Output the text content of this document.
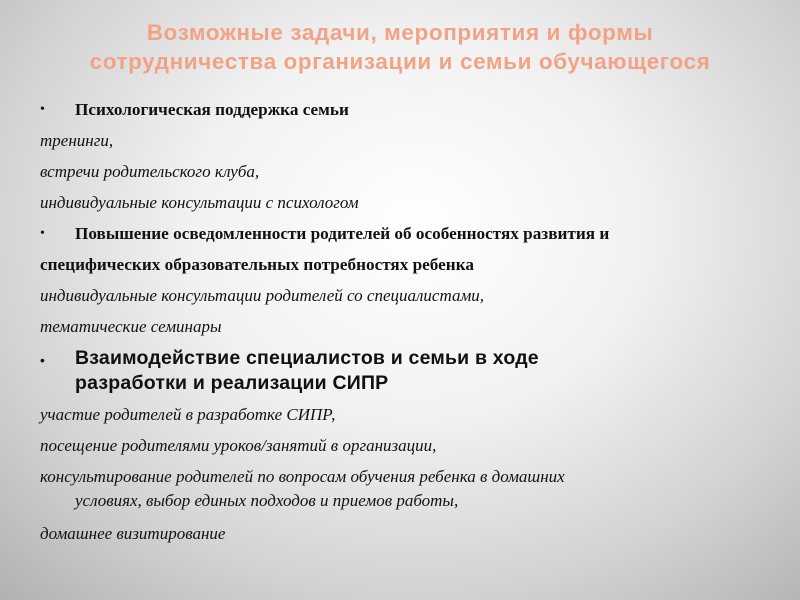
Возможные задачи, мероприятия и формы
сотрудничества организации и семьи обучающегося
• Психологическая поддержка семьи
тренинги,
встречи родительского клуба,
индивидуальные консультации с психологом
• Повышение осведомленности родителей об особенностях развития и
специфических образовательных потребностях ребенка
индивидуальные консультации родителей со специалистами,
тематические семинары
• Взаимодействие специалистов и семьи в ходе
разработки и реализации СИПР
участие родителей в разработке СИПР,
посещение родителями уроков/занятий в организации,
консультирование родителей по вопросам обучения ребенка в домашних
условиях, выбор единых подходов и приемов работы,
домашнее визитирование
